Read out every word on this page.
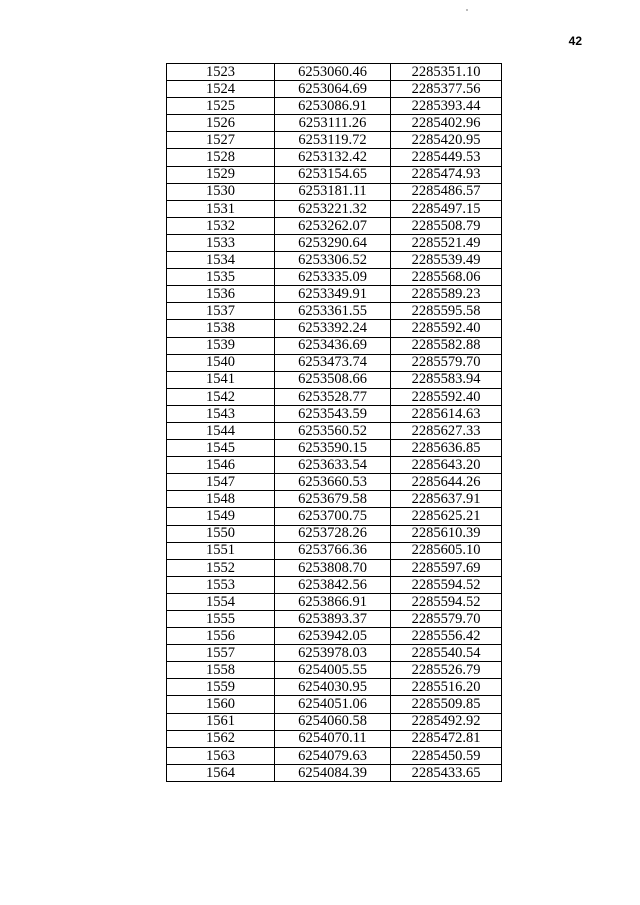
42
1523	6253060.46	2285351.10
1524	6253064.69	2285377.56
1525	6253086.91	2285393.44
1526	6253111.26	2285402.96
1527	6253119.72	2285420.95
1528	6253132.42	2285449.53
1529	6253154.65	2285474.93
1530	6253181.11	2285486.57
1531	6253221.32	2285497.15
1532	6253262.07	2285508.79
1533	6253290.64	2285521.49
1534	6253306.52	2285539.49
1535	6253335.09	2285568.06
1536	6253349.91	2285589.23
1537	6253361.55	2285595.58
1538	6253392.24	2285592.40
1539	6253436.69	2285582.88
1540	6253473.74	2285579.70
1541	6253508.66	2285583.94
1542	6253528.77	2285592.40
1543	6253543.59	2285614.63
1544	6253560.52	2285627.33
1545	6253590.15	2285636.85
1546	6253633.54	2285643.20
1547	6253660.53	2285644.26
1548	6253679.58	2285637.91
1549	6253700.75	2285625.21
1550	6253728.26	2285610.39
1551	6253766.36	2285605.10
1552	6253808.70	2285597.69
1553	6253842.56	2285594.52
1554	6253866.91	2285594.52
1555	6253893.37	2285579.70
1556	6253942.05	2285556.42
1557	6253978.03	2285540.54
1558	6254005.55	2285526.79
1559	6254030.95	2285516.20
1560	6254051.06	2285509.85
1561	6254060.58	2285492.92
1562	6254070.11	2285472.81
1563	6254079.63	2285450.59
1564	6254084.39	2285433.65
